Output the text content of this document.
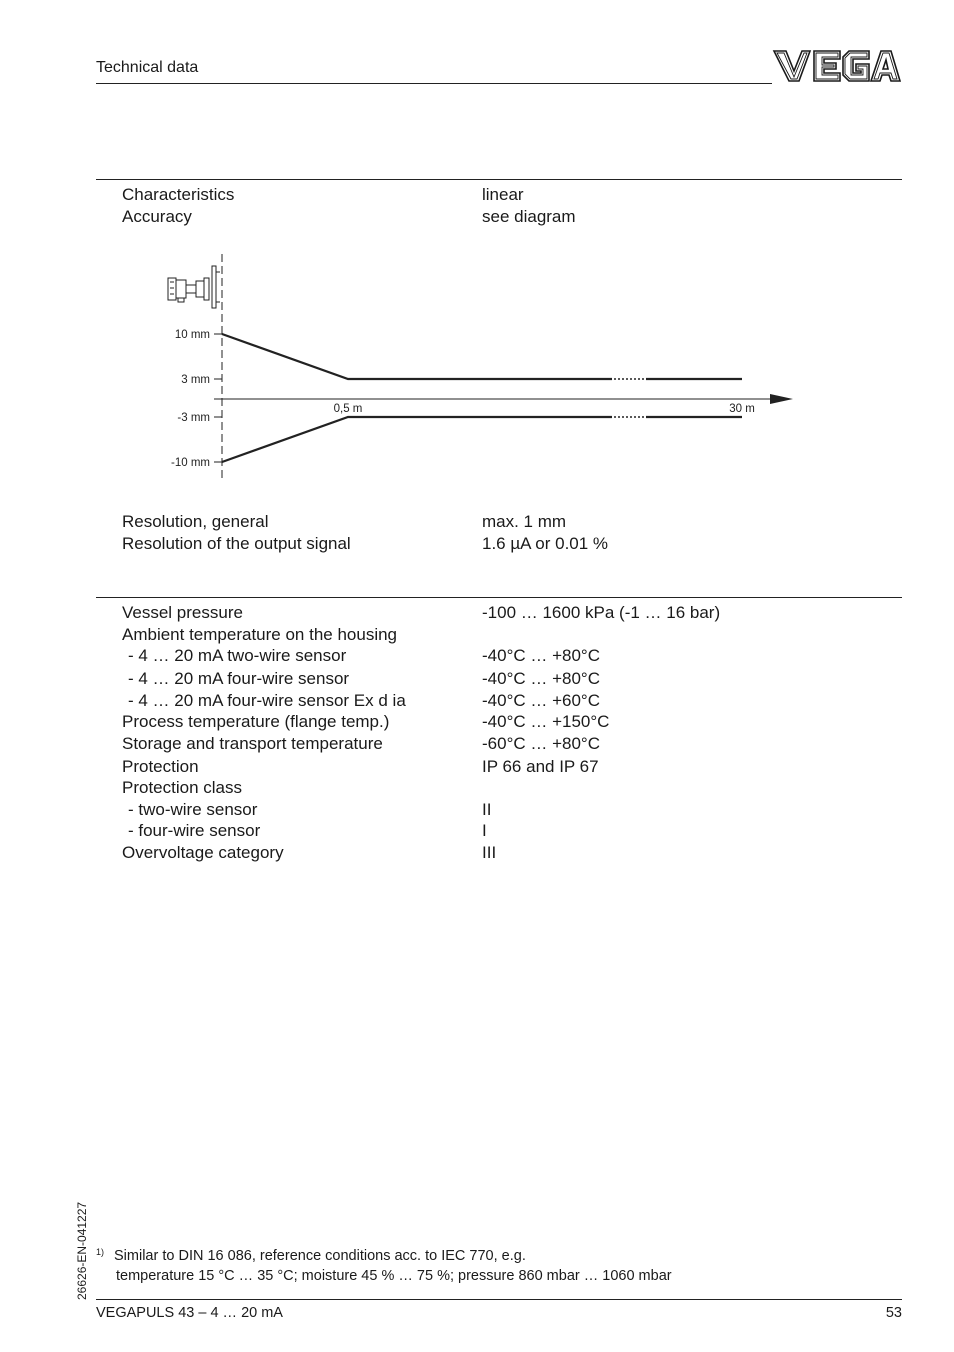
Technical data
Characteristics	linear
Accuracy	see diagram
10 mm
3 mm
-3 mm
-10 mm
0,5 m	30 m
Resolution, general	max. 1 mm
Resolution of the output signal	1.6 µA or 0.01 %
Vessel pressure	-100 … 1600 kPa (-1 … 16 bar)
Ambient temperature on the housing
- 4 … 20 mA two-wire sensor	-40°C … +80°C
- 4 … 20 mA four-wire sensor	-40°C … +80°C
- 4 … 20 mA four-wire sensor Ex d ia	-40°C … +60°C
Process temperature (flange temp.)	-40°C … +150°C
Storage and transport temperature	-60°C … +80°C
Protection	IP 66 and IP 67
Protection class
- two-wire sensor	II
- four-wire sensor	I
Overvoltage category	III
26626-EN-041227 $^{1)}$ Similar to DIN 16 086, reference conditions acc. to IEC 770, e.g.
temperature 15 °C … 35 °C; moisture 45 % … 75 %; pressure 860 mbar … 1060 mbar
VEGAPULS 43 – 4 … 20 mA	53
